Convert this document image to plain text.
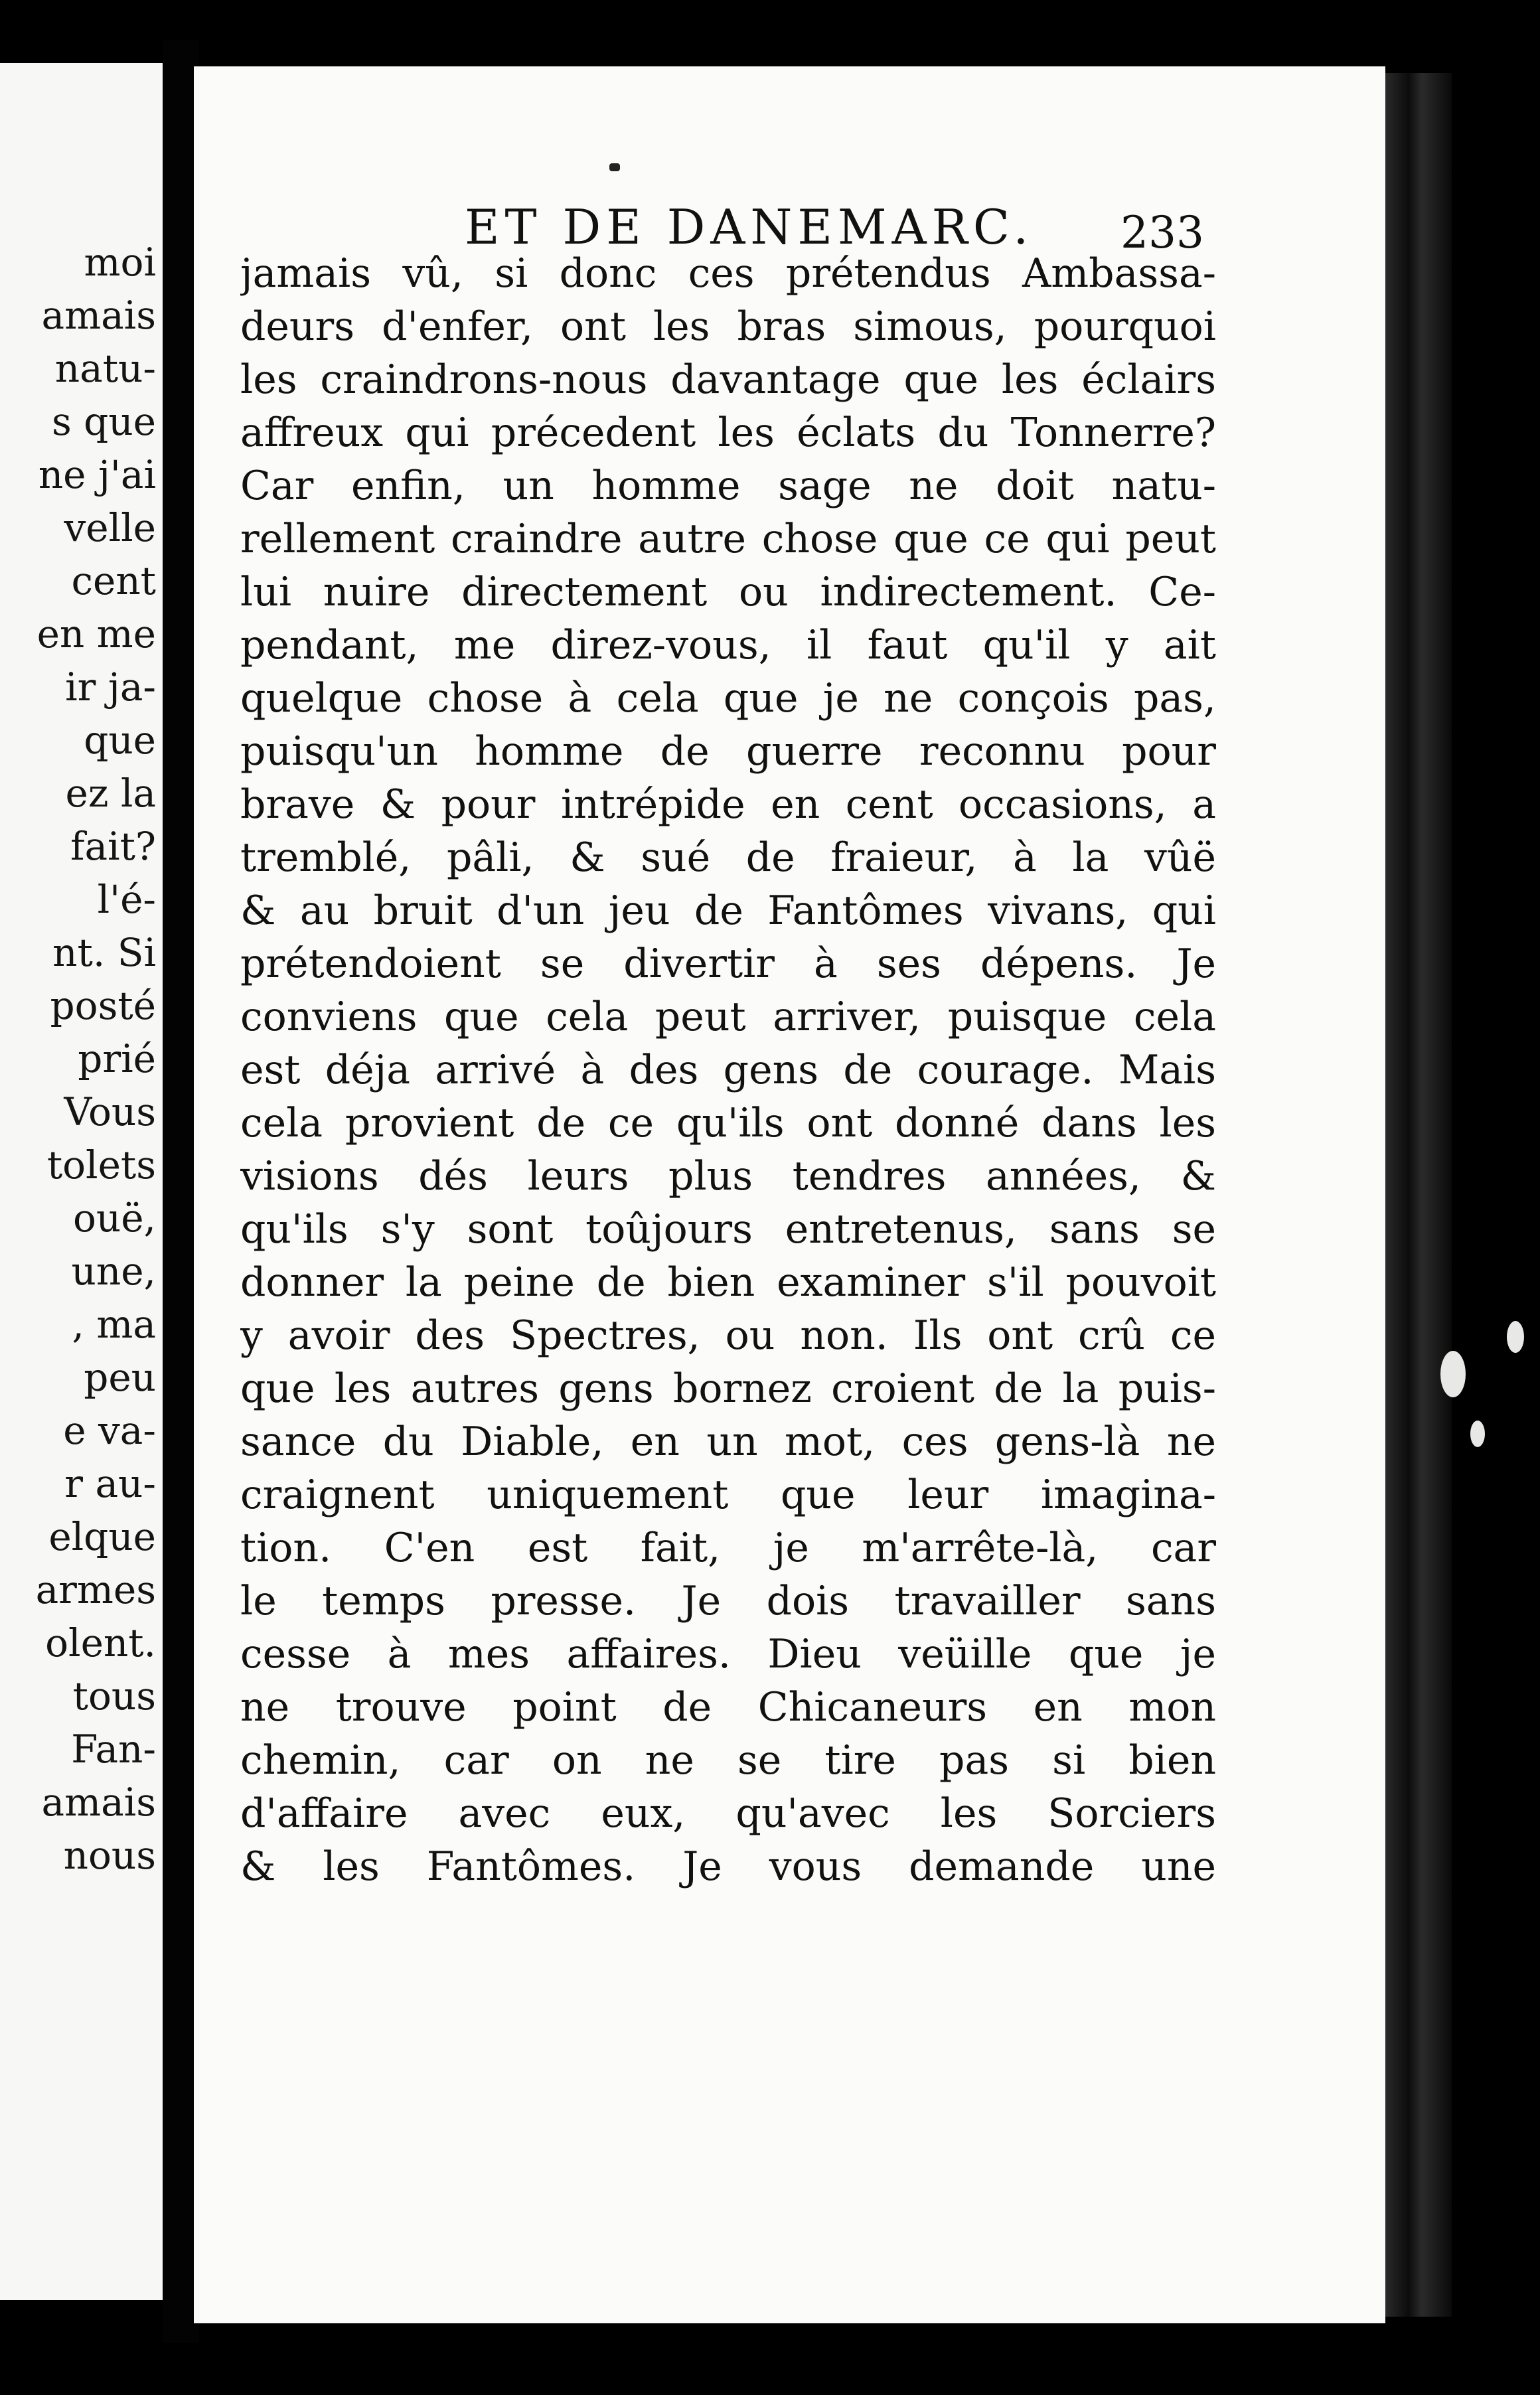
moi
amais
natu-
s que
ne j'ai
velle
cent
en me
ir ja-
que
ez la
fait?
l'é-
nt. Si
posté
prié
Vous
tolets
ouë,
une,
, ma
peu
e va-
r au-
elque
armes
olent.
tous
Fan-
amais
nous
ET DE DANEMARC.	233
jamais vû, si donc ces prétendus Ambassa-
deurs d'enfer, ont les bras simous, pourquoi
les craindrons-nous davantage que les éclairs
affreux qui précedent les éclats du Tonnerre?
Car enfin, un homme sage ne doit natu-
rellement craindre autre chose que ce qui peut
lui nuire directement ou indirectement. Ce-
pendant, me direz-vous, il faut qu'il y ait
quelque chose à cela que je ne conçois pas,
puisqu'un homme de guerre reconnu pour
brave & pour intrépide en cent occasions, a
tremblé, pâli, & sué de fraieur, à la vûë
& au bruit d'un jeu de Fantômes vivans, qui
prétendoient se divertir à ses dépens. Je
conviens que cela peut arriver, puisque cela
est déja arrivé à des gens de courage. Mais
cela provient de ce qu'ils ont donné dans les
visions dés leurs plus tendres années, &
qu'ils s'y sont toûjours entretenus, sans se
donner la peine de bien examiner s'il pouvoit
y avoir des Spectres, ou non. Ils ont crû ce
que les autres gens bornez croient de la puis-
sance du Diable, en un mot, ces gens-là ne
craignent uniquement que leur imagina-
tion. C'en est fait, je m'arrête-là, car
le temps presse. Je dois travailler sans
cesse à mes affaires. Dieu veüille que je
ne trouve point de Chicaneurs en mon
chemin, car on ne se tire pas si bien
d'affaire avec eux, qu'avec les Sorciers
& les Fantômes. Je vous demande une
